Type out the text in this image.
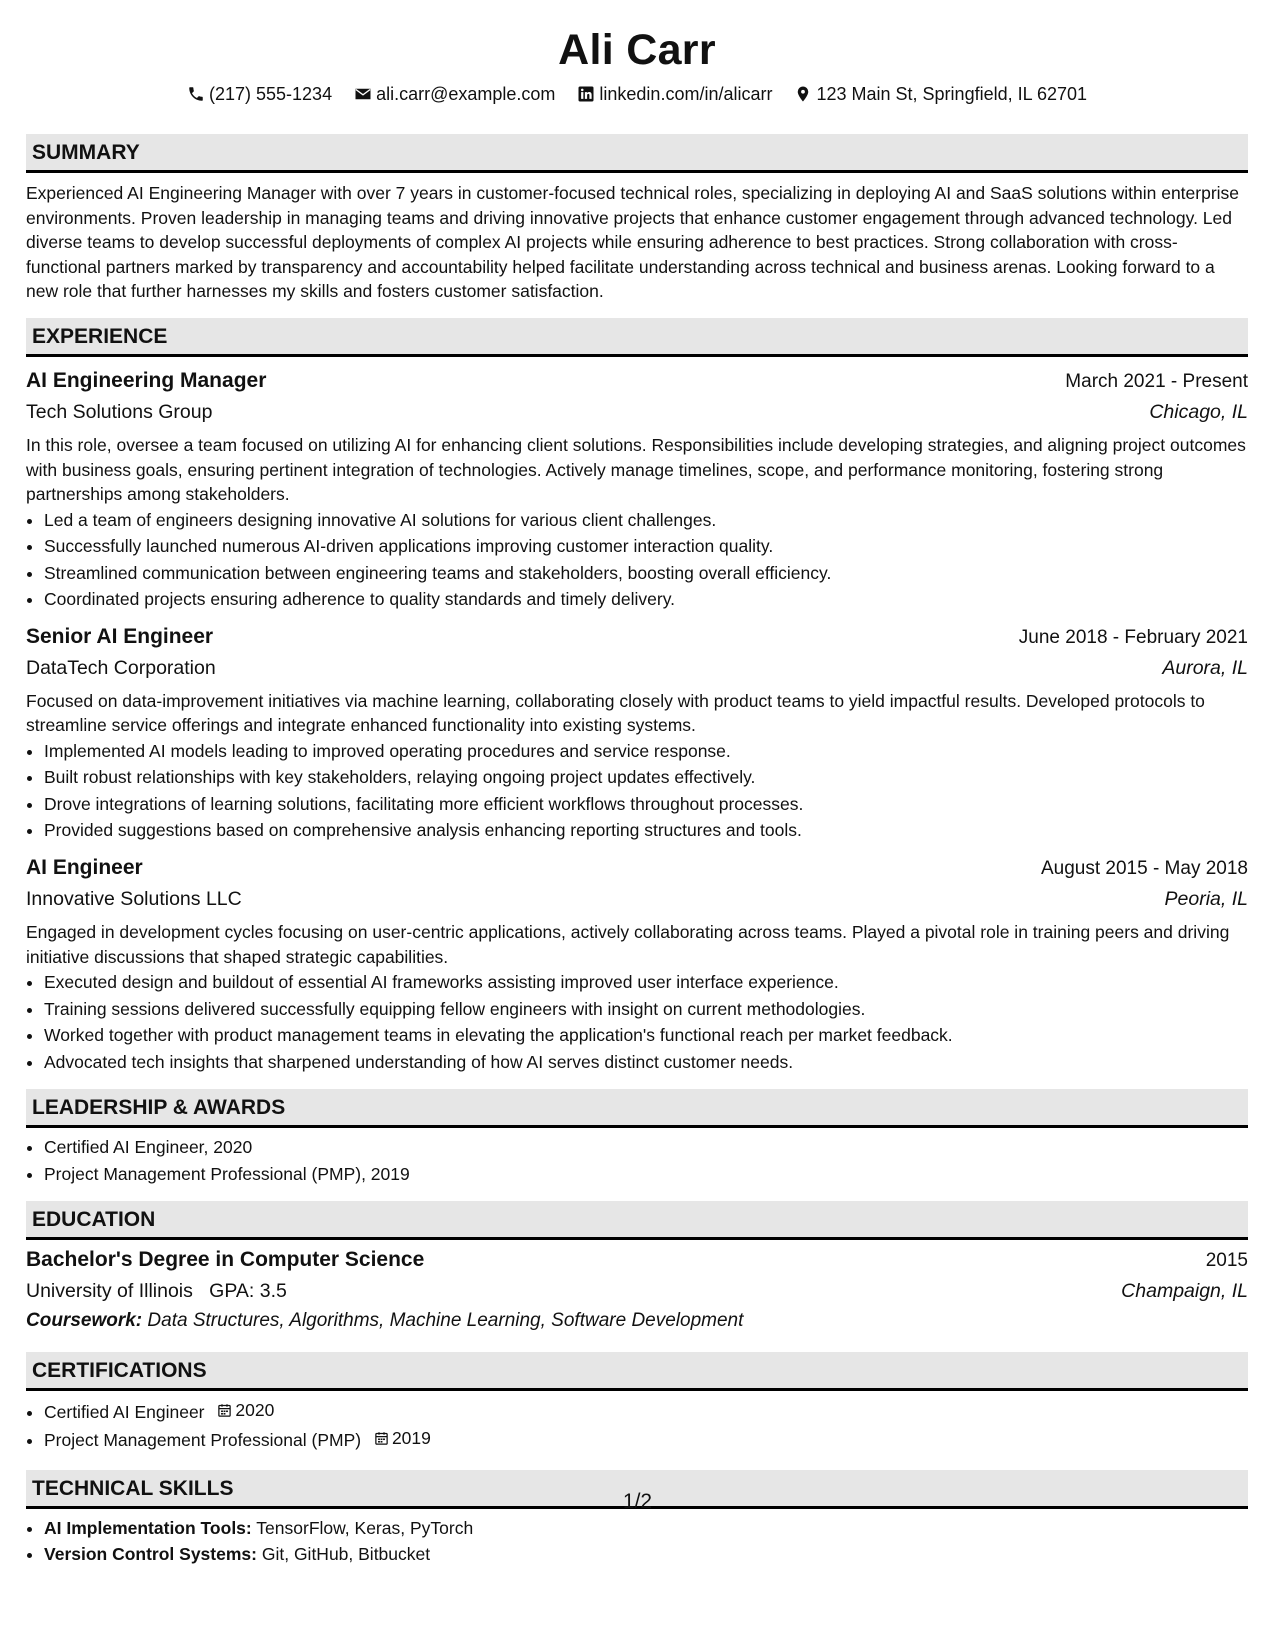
Ali Carr
(217) 555-1234 ali.carr@example.com linkedin.com/in/alicarr 123 Main St, Springfield, IL 62701
SUMMARY
Experienced AI Engineering Manager with over 7 years in customer-focused technical roles, specializing in deploying AI and SaaS solutions within enterprise environments. Proven leadership in managing teams and driving innovative projects that enhance customer engagement through advanced technology. Led diverse teams to develop successful deployments of complex AI projects while ensuring adherence to best practices. Strong collaboration with cross-functional partners marked by transparency and accountability helped facilitate understanding across technical and business arenas. Looking forward to a new role that further harnesses my skills and fosters customer satisfaction.
EXPERIENCE
AI Engineering Manager	March 2021 - Present
Tech Solutions Group	Chicago, IL
In this role, oversee a team focused on utilizing AI for enhancing client solutions. Responsibilities include developing strategies, and aligning project outcomes with business goals, ensuring pertinent integration of technologies. Actively manage timelines, scope, and performance monitoring, fostering strong partnerships among stakeholders.
• Led a team of engineers designing innovative AI solutions for various client challenges.
• Successfully launched numerous AI-driven applications improving customer interaction quality.
• Streamlined communication between engineering teams and stakeholders, boosting overall efficiency.
• Coordinated projects ensuring adherence to quality standards and timely delivery.
Senior AI Engineer	June 2018 - February 2021
DataTech Corporation	Aurora, IL
Focused on data-improvement initiatives via machine learning, collaborating closely with product teams to yield impactful results. Developed protocols to streamline service offerings and integrate enhanced functionality into existing systems.
• Implemented AI models leading to improved operating procedures and service response.
• Built robust relationships with key stakeholders, relaying ongoing project updates effectively.
• Drove integrations of learning solutions, facilitating more efficient workflows throughout processes.
• Provided suggestions based on comprehensive analysis enhancing reporting structures and tools.
AI Engineer	August 2015 - May 2018
Innovative Solutions LLC	Peoria, IL
Engaged in development cycles focusing on user-centric applications, actively collaborating across teams. Played a pivotal role in training peers and driving initiative discussions that shaped strategic capabilities.
• Executed design and buildout of essential AI frameworks assisting improved user interface experience.
• Training sessions delivered successfully equipping fellow engineers with insight on current methodologies.
• Worked together with product management teams in elevating the application's functional reach per market feedback.
• Advocated tech insights that sharpened understanding of how AI serves distinct customer needs.
LEADERSHIP & AWARDS
• Certified AI Engineer, 2020
• Project Management Professional (PMP), 2019
EDUCATION
Bachelor's Degree in Computer Science	2015
University of Illinois GPA: 3.5	Champaign, IL
Coursework: Data Structures, Algorithms, Machine Learning, Software Development
CERTIFICATIONS
• Certified AI Engineer 2020
• Project Management Professional (PMP) 2019
TECHNICAL SKILLS
• AI Implementation Tools: TensorFlow, Keras, PyTorch
• Version Control Systems: Git, GitHub, Bitbucket
1/2
